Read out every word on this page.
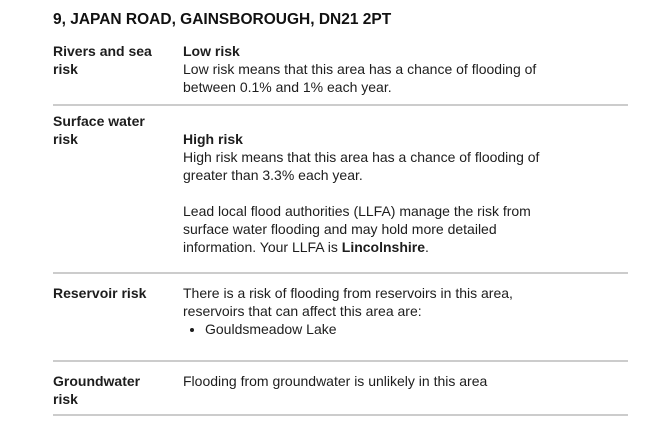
9, JAPAN ROAD, GAINSBOROUGH, DN21 2PT
Rivers and sea risk

Low risk

Low risk means that this area has a chance of flooding of between 0.1% and 1% each year.

Surface water risk	High risk

High risk means that this area has a chance of flooding of greater than 3.3% each year.

Lead local flood authorities (LLFA) manage the risk from surface water flooding and may hold more detailed information. Your LLFA is Lincolnshire.

Reservoir risk	There is a risk of flooding from reservoirs in this area, reservoirs that can affect this area are:

• Gouldsmeadow Lake
Groundwater risk

Flooding from groundwater is unlikely in this area
